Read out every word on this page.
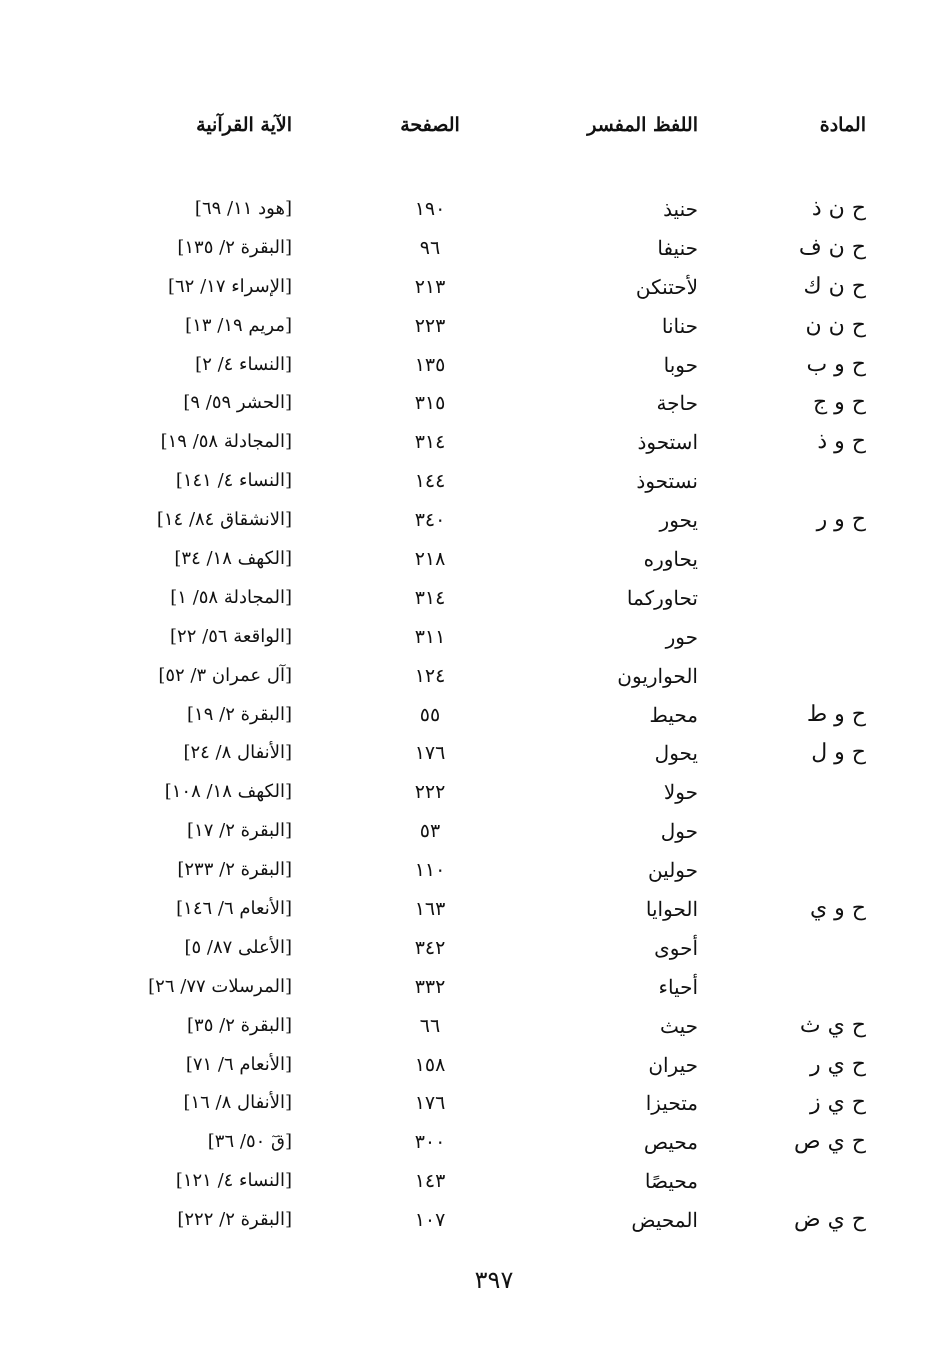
المادة
اللفظ المفسر
الصفحة
الآية القرآنية
ح ن ذ
حنيذ
١٩٠
[هود ١١/ ٦٩]
ح ن ف
حنيفا
٩٦
[البقرة ٢/ ١٣٥]
ح ن ك
لأحتنكن
٢١٣
[الإسراء ١٧/ ٦٢]
ح ن ن
حنانا
٢٢٣
[مريم ١٩/ ١٣]
ح و ب
حوبا
١٣٥
[النساء ٤/ ٢]
ح و ج
حاجة
٣١٥
[الحشر ٥٩/ ٩]
ح و ذ
استحوذ
٣١٤
[المجادلة ٥٨/ ١٩]
نستحوذ
١٤٤
[النساء ٤/ ١٤١]
ح و ر
يحور
٣٤٠
[الانشقاق ٨٤/ ١٤]
يحاوره
٢١٨
[الكهف ١٨/ ٣٤]
تحاوركما
٣١٤
[المجادلة ٥٨/ ١]
حور
٣١١
[الواقعة ٥٦/ ٢٢]
الحواريون
١٢٤
[آل عمران ٣/ ٥٢]
ح و ط
محيط
٥٥
[البقرة ٢/ ١٩]
ح و ل
يحول
١٧٦
[الأنفال ٨/ ٢٤]
حولا
٢٢٢
[الكهف ١٨/ ١٠٨]
حول
٥٣
[البقرة ٢/ ١٧]
حولين
١١٠
[البقرة ٢/ ٢٣٣]
ح و ي
الحوايا
١٦٣
[الأنعام ٦/ ١٤٦]
أحوى
٣٤٢
[الأعلى ٨٧/ ٥]
أحياء
٣٣٢
[المرسلات ٧٧/ ٢٦]
ح ي ث
حيث
٦٦
[البقرة ٢/ ٣٥]
ح ي ر
حيران
١٥٨
[الأنعام ٦/ ٧١]
ح ي ز
متحيزا
١٧٦
[الأنفال ٨/ ١٦]
ح ي ص
محيص
٣٠٠
[قٓ ٥٠/ ٣٦]
محيصًا
١٤٣
[النساء ٤/ ١٢١]
ح ي ض
المحيض
١٠٧
[البقرة ٢/ ٢٢٢]
٣٩٧
